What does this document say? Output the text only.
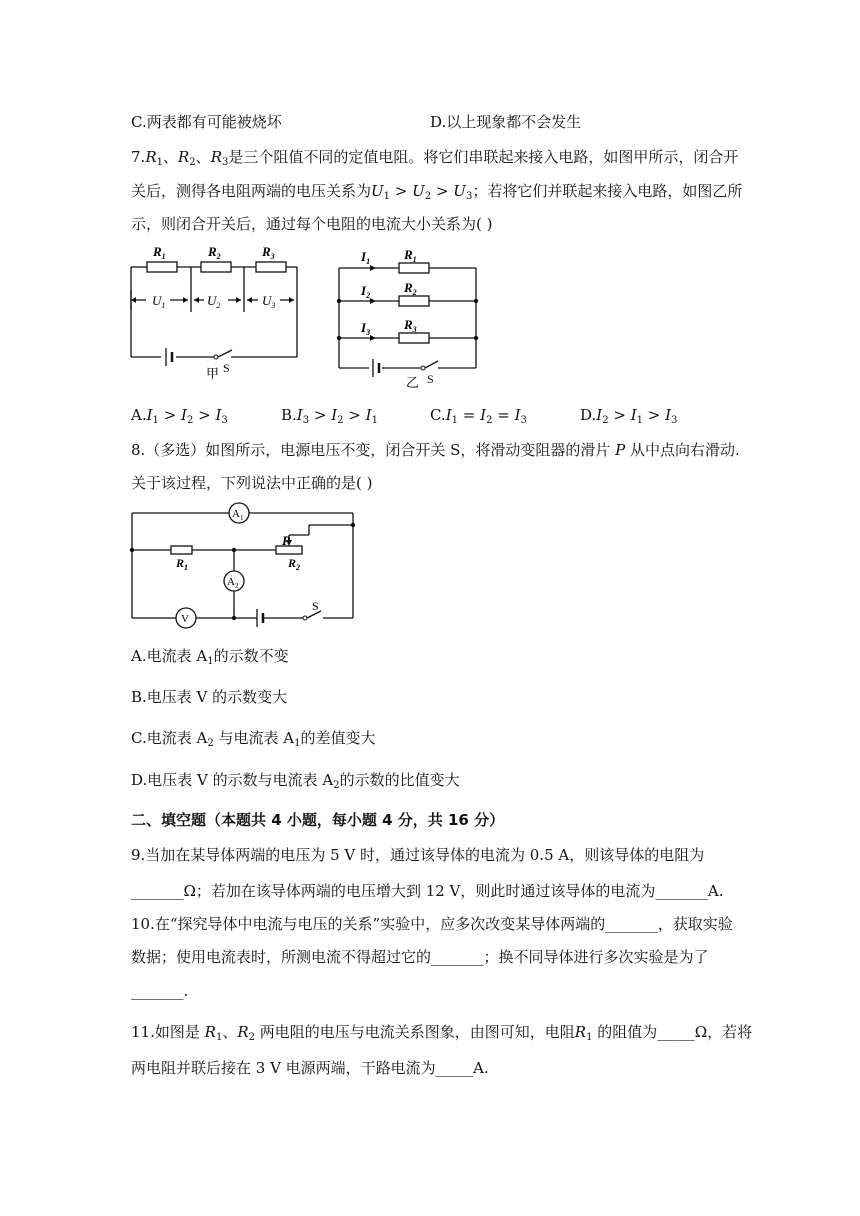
C.两表都有可能被烧坏	D.以上现象都不会发生
$7.R_1$、$R_2$、$R_3$是三个阻值不同的定值电阻。将它们串联起来接入电路，如图甲所示，闭合开
关后，测得各电阻两端的电压关系为$U_1 > U_2 > U_3$；若将它们并联起来接入电路，如图乙所
示，则闭合开关后，通过每个电阻的电流大小关系为( )
$R_1$	$R_2$	$R_3$
$U_1$	$U_2$	$U_3$
S
甲
$I_1$
$I_2$
$I_3$
$R_1$
$R_2$
$R_3$
S
乙
$A.I_1 > I_2 > I_3$	$B.I_3 > I_2 > I_1$	$C.I_1 = I_2 = I_3$	$D.I_2 > I_1 > I_3$
8.（多选）如图所示，电源电压不变，闭合开关 S，将滑动变阻器的滑片 P 从中点向右滑动.
关于该过程，下列说法中正确的是( )
$A_1$
$A_2$
V
P
$R_1$	$R_2$
S
A.电流表 $A_1$的示数不变
B.电压表 V 的示数变大
C.电流表 $A_2$ 与电流表 $A_1$的差值变大
D.电压表 V 的示数与电流表 $A_2$的示数的比值变大
二、填空题（本题共 4 小题，每小题 4 分，共 16 分）
9.当加在某导体两端的电压为 5 V 时，通过该导体的电流为 0.5 A，则该导体的电阻为
_______Ω；若加在该导体两端的电压增大到 12 V，则此时通过该导体的电流为_______A.
10.在“探究导体中电流与电压的关系”实验中，应多次改变某导体两端的_______，获取实验
数据；使用电流表时，所测电流不得超过它的_______；换不同导体进行多次实验是为了
_______.
11.如图是 $R_1$、$R_2$ 两电阻的电压与电流关系图象，由图可知，电阻$R_1$ 的阻值为_____Ω，若将
两电阻并联后接在 3 V 电源两端，干路电流为_____A.
